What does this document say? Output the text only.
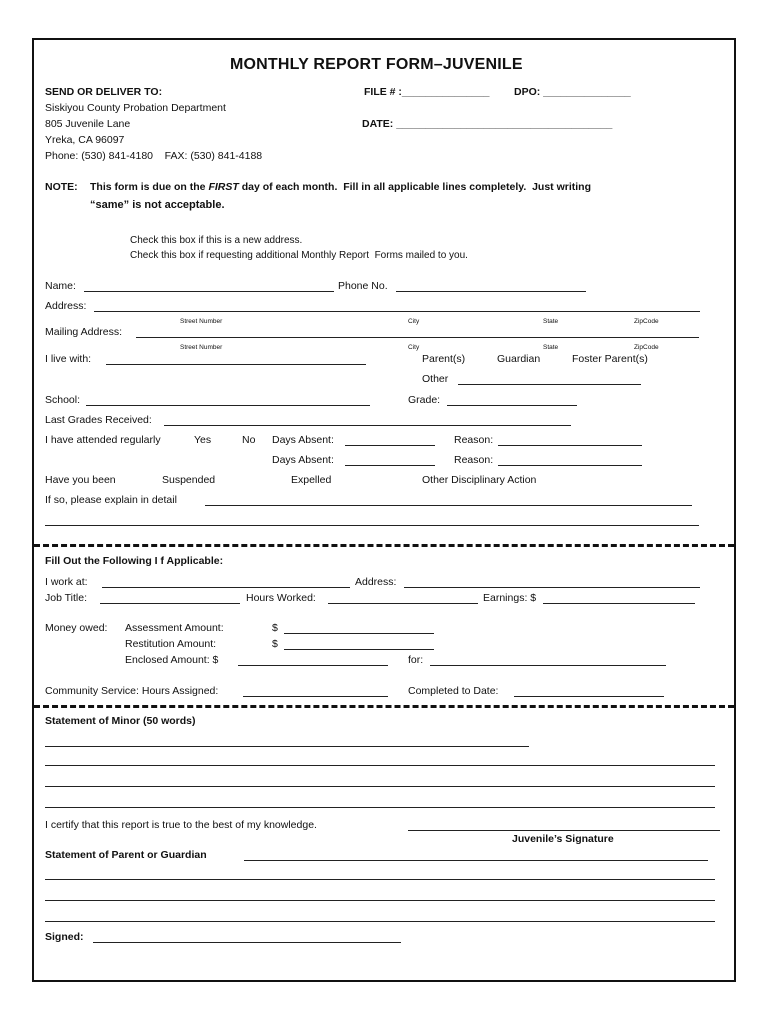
MONTHLY REPORT FORM–JUVENILE
SEND OR DELIVER TO:
Siskiyou County Probation Department
805 Juvenile Lane
Yreka, CA 96097
Phone: (530) 841-4180    FAX: (530) 841-4188
FILE # :_______________ DPO: _______________
DATE: _____________________________________
NOTE: This form is due on the FIRST day of each month.  Fill in all applicable lines completely.  Just writing
“same” is not acceptable.
Check this box if this is a new address.
Check this box if requesting additional Monthly Report  Forms mailed to you.
Name:	Phone No.
Address:
Street Number	City	State	ZipCode
Mailing Address:
Street Number	City	State	ZipCode
I live with:	Parent(s)	Guardian	Foster Parent(s)
Other
School:	Grade:
Last Grades Received:
I have attended regularly	Yes	No Days Absent:	Reason:
Days Absent:	Reason:
Have you been	Suspended	Expelled	Other Disciplinary Action
If so, please explain in detail
Fill Out the Following I f Applicable:
I work at:	Address:
Job Title:	Hours Worked:	Earnings: $
Money owed: Assessment Amount:	$
Restitution Amount:	$
Enclosed Amount: $	for:
Community Service: Hours Assigned:	Completed to Date:
Statement of Minor (50 words)
I certify that this report is true to the best of my knowledge.
Juvenile’s Signature
Statement of Parent or Guardian
Signed:
